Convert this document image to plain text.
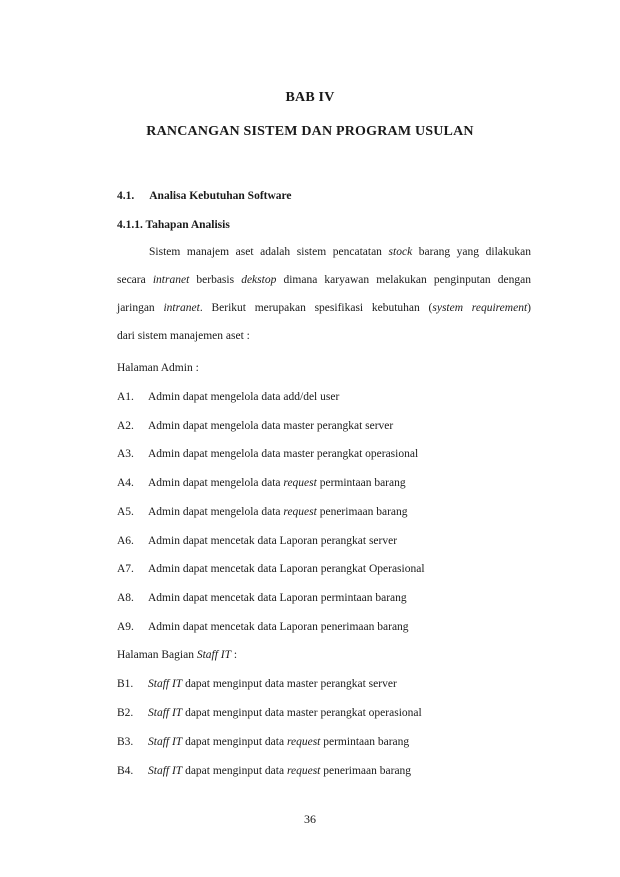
BAB IV
RANCANGAN SISTEM DAN PROGRAM USULAN
4.1. Analisa Kebutuhan Software
4.1.1. Tahapan Analisis
Sistem manajem aset adalah sistem pencatatan stock barang yang dilakukan
secara intranet berbasis dekstop dimana karyawan melakukan penginputan dengan
jaringan intranet. Berikut merupakan spesifikasi kebutuhan (system requirement)
dari sistem manajemen aset :
Halaman Admin :
A1. Admin dapat mengelola data add/del user
A2. Admin dapat mengelola data master perangkat server
A3. Admin dapat mengelola data master perangkat operasional
A4. Admin dapat mengelola data request permintaan barang
A5. Admin dapat mengelola data request penerimaan barang
A6. Admin dapat mencetak data Laporan perangkat server
A7. Admin dapat mencetak data Laporan perangkat Operasional
A8. Admin dapat mencetak data Laporan permintaan barang
A9. Admin dapat mencetak data Laporan penerimaan barang
Halaman Bagian Staff IT :
B1. Staff IT dapat menginput data master perangkat server
B2. Staff IT dapat menginput data master perangkat operasional
B3. Staff IT dapat menginput data request permintaan barang
B4. Staff IT dapat menginput data request penerimaan barang
36
